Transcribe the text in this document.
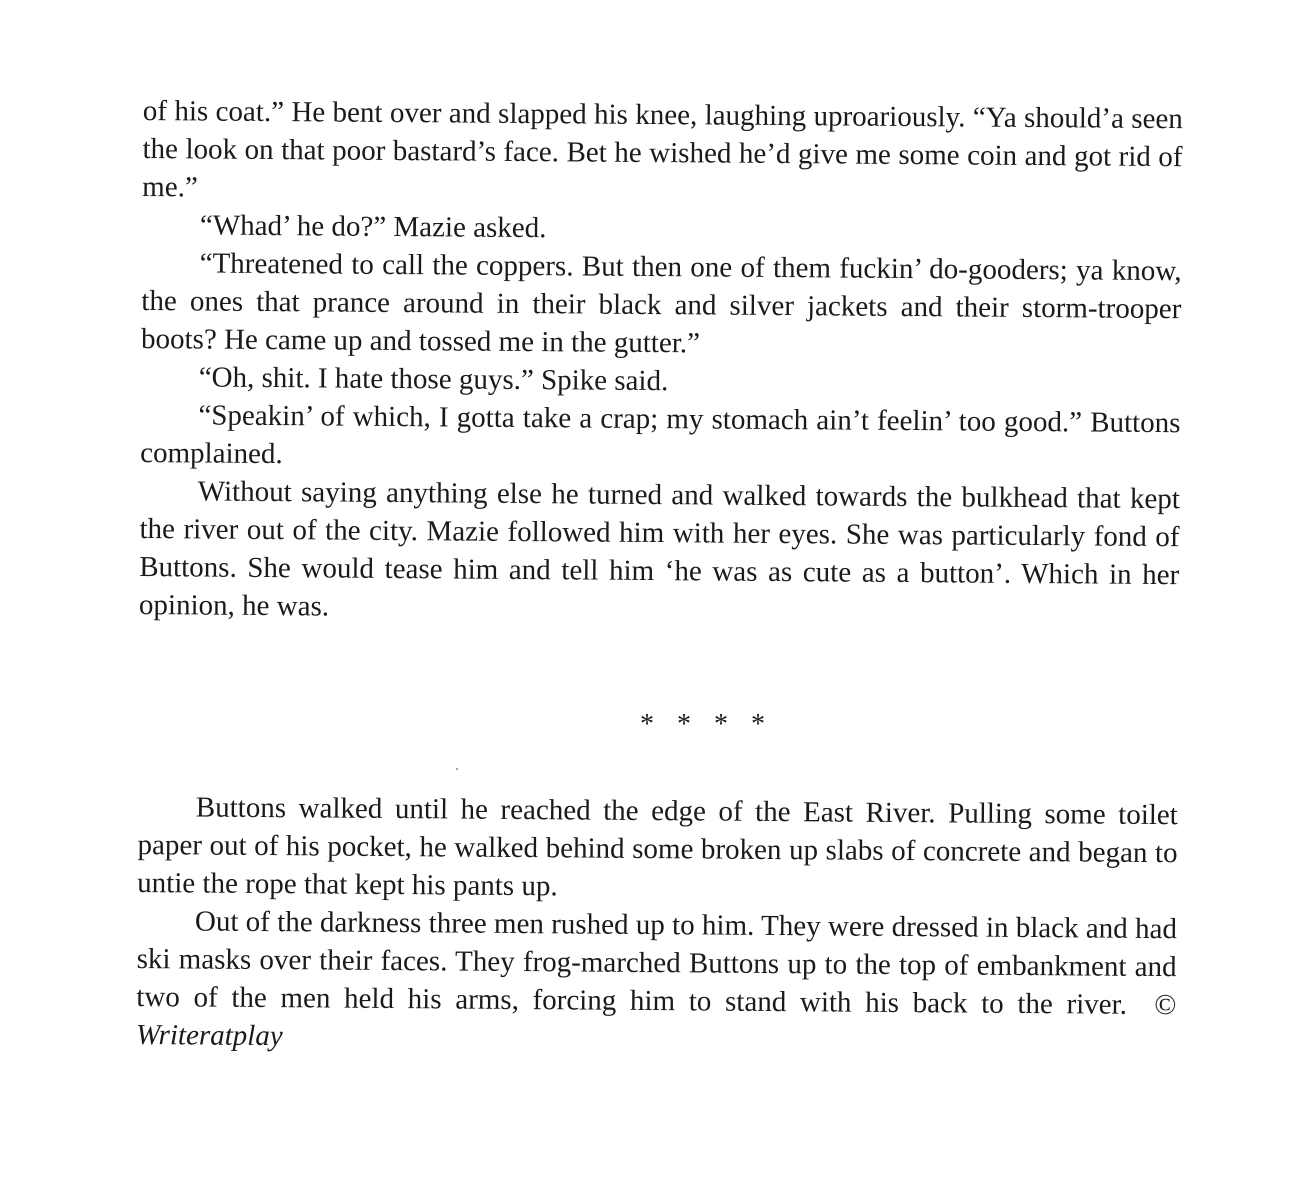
of his coat.” He bent over and slapped his knee, laughing uproariously. “Ya should’a seen the look on that poor bastard’s face. Bet he wished he’d give me some coin and got rid of me.”

“Whad’ he do?” Mazie asked.

“Threatened to call the coppers. But then one of them fuckin’ do-gooders; ya know, the ones that prance around in their black and silver jackets and their storm-trooper boots? He came up and tossed me in the gutter.”

“Oh, shit. I hate those guys.” Spike said.

“Speakin’ of which, I gotta take a crap; my stomach ain’t feelin’ too good.” Buttons complained.

Without saying anything else he turned and walked towards the bulkhead that kept the river out of the city. Mazie followed him with her eyes. She was particularly fond of Buttons. She would tease him and tell him ‘he was as cute as a button’. Which in her opinion, he was.

* * * *

Buttons walked until he reached the edge of the East River. Pulling some toilet paper out of his pocket, he walked behind some broken up slabs of concrete and began to untie the rope that kept his pants up.

Out of the darkness three men rushed up to him. They were dressed in black and had ski masks over their faces. They frog-marched Buttons up to the top of embankment and two of the men held his arms, forcing him to stand with his back to the river. © Writeratplay
